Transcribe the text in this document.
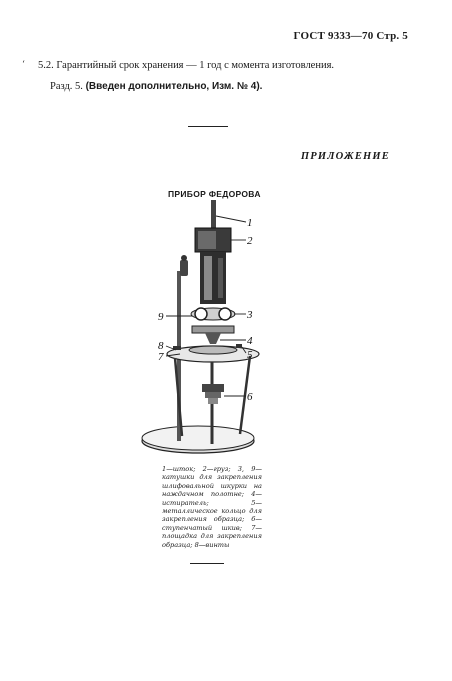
ГОСТ 9333—70 Стр. 5
5.2. Гарантийный срок хранения — 1 год с момента изготовления.
Разд. 5. (Введен дополнительно, Изм. № 4).
ПРИЛОЖЕНИЕ
ПРИБОР ФЕДОРОВА
1
2
3
4
5
6
7
8
9
1—шток; 2—груз; 3, 9—катушки для закрепления шлифовальной шкурки на наждачном полотне; 4—истиратель; 5—металлическое кольцо для закрепления образца; 6—ступенчатый шкив; 7—площадка для закрепления образца; 8—винты
ʻ
